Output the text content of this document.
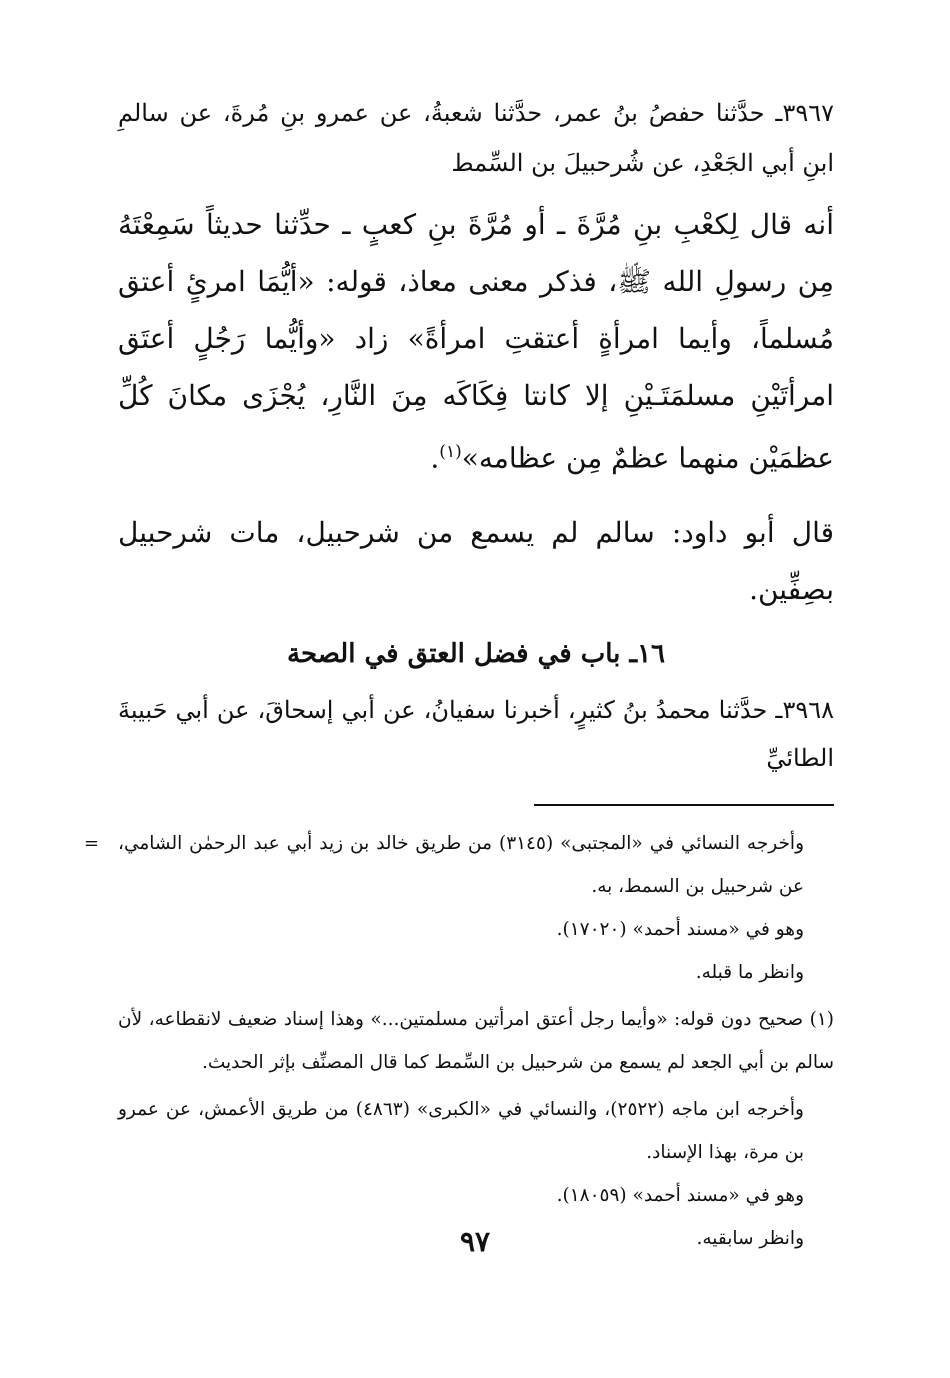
٣٩٦٧ـ حدَّثنا حفصُ بنُ عمر، حدَّثنا شعبةُ، عن عمرو بنِ مُرةَ، عن سالمِ ابنِ أبي الجَعْدِ، عن شُرحبيلَ بن السِّمط

أنه قال لِكعْبِ بنِ مُرَّةَ ـ أو مُرَّةَ بنِ كعبٍ ـ حدِّثنا حديثاً سَمِعْتَهُ مِن رسولِ الله ﷺ، فذكر معنى معاذ، قوله: «أيُّمَا امرئٍ أعتق مُسلماً، وأيما امرأةٍ أعتقتِ امرأةً» زاد «وأيُّما رَجُلٍ أعتَق امرأتَيْنِ مسلمَتَـيْنِ إلا كانتا فِكَاكَه مِنَ النَّارِ، يُجْزَى مكانَ كُلِّ عظمَيْن منهما عظمٌ مِن عظامه»$^{(١)}$.

قال أبو داود: سالم لم يسمع من شرحبيل، مات شرحبيل بصِفِّين.

١٦ـ باب في فضل العتق في الصحة

٣٩٦٨ـ حدَّثنا محمدُ بنُ كثيرٍ، أخبرنا سفيانُ، عن أبي إسحاقَ، عن أبي حَبيبةَ الطائيِّ

= وأخرجه النسائي في «المجتبى» (٣١٤٥) من طريق خالد بن زيد أبي عبد الرحمٰن الشامي، عن شرحبيل بن السمط، به.

وهو في «مسند أحمد» (١٧٠٢٠).

وانظر ما قبله.

(١) صحيح دون قوله: «وأيما رجل أعتق امرأتين مسلمتين...» وهذا إسناد ضعيف لانقطاعه، لأن سالم بن أبي الجعد لم يسمع من شرحبيل بن السِّمط كما قال المصنِّف بإثر الحديث.

وأخرجه ابن ماجه (٢٥٢٢)، والنسائي في «الكبرى» (٤٨٦٣) من طريق الأعمش، عن عمرو بن مرة، بهذا الإسناد.

وهو في «مسند أحمد» (١٨٠٥٩).

وانظر سابقيه.

٩٧
